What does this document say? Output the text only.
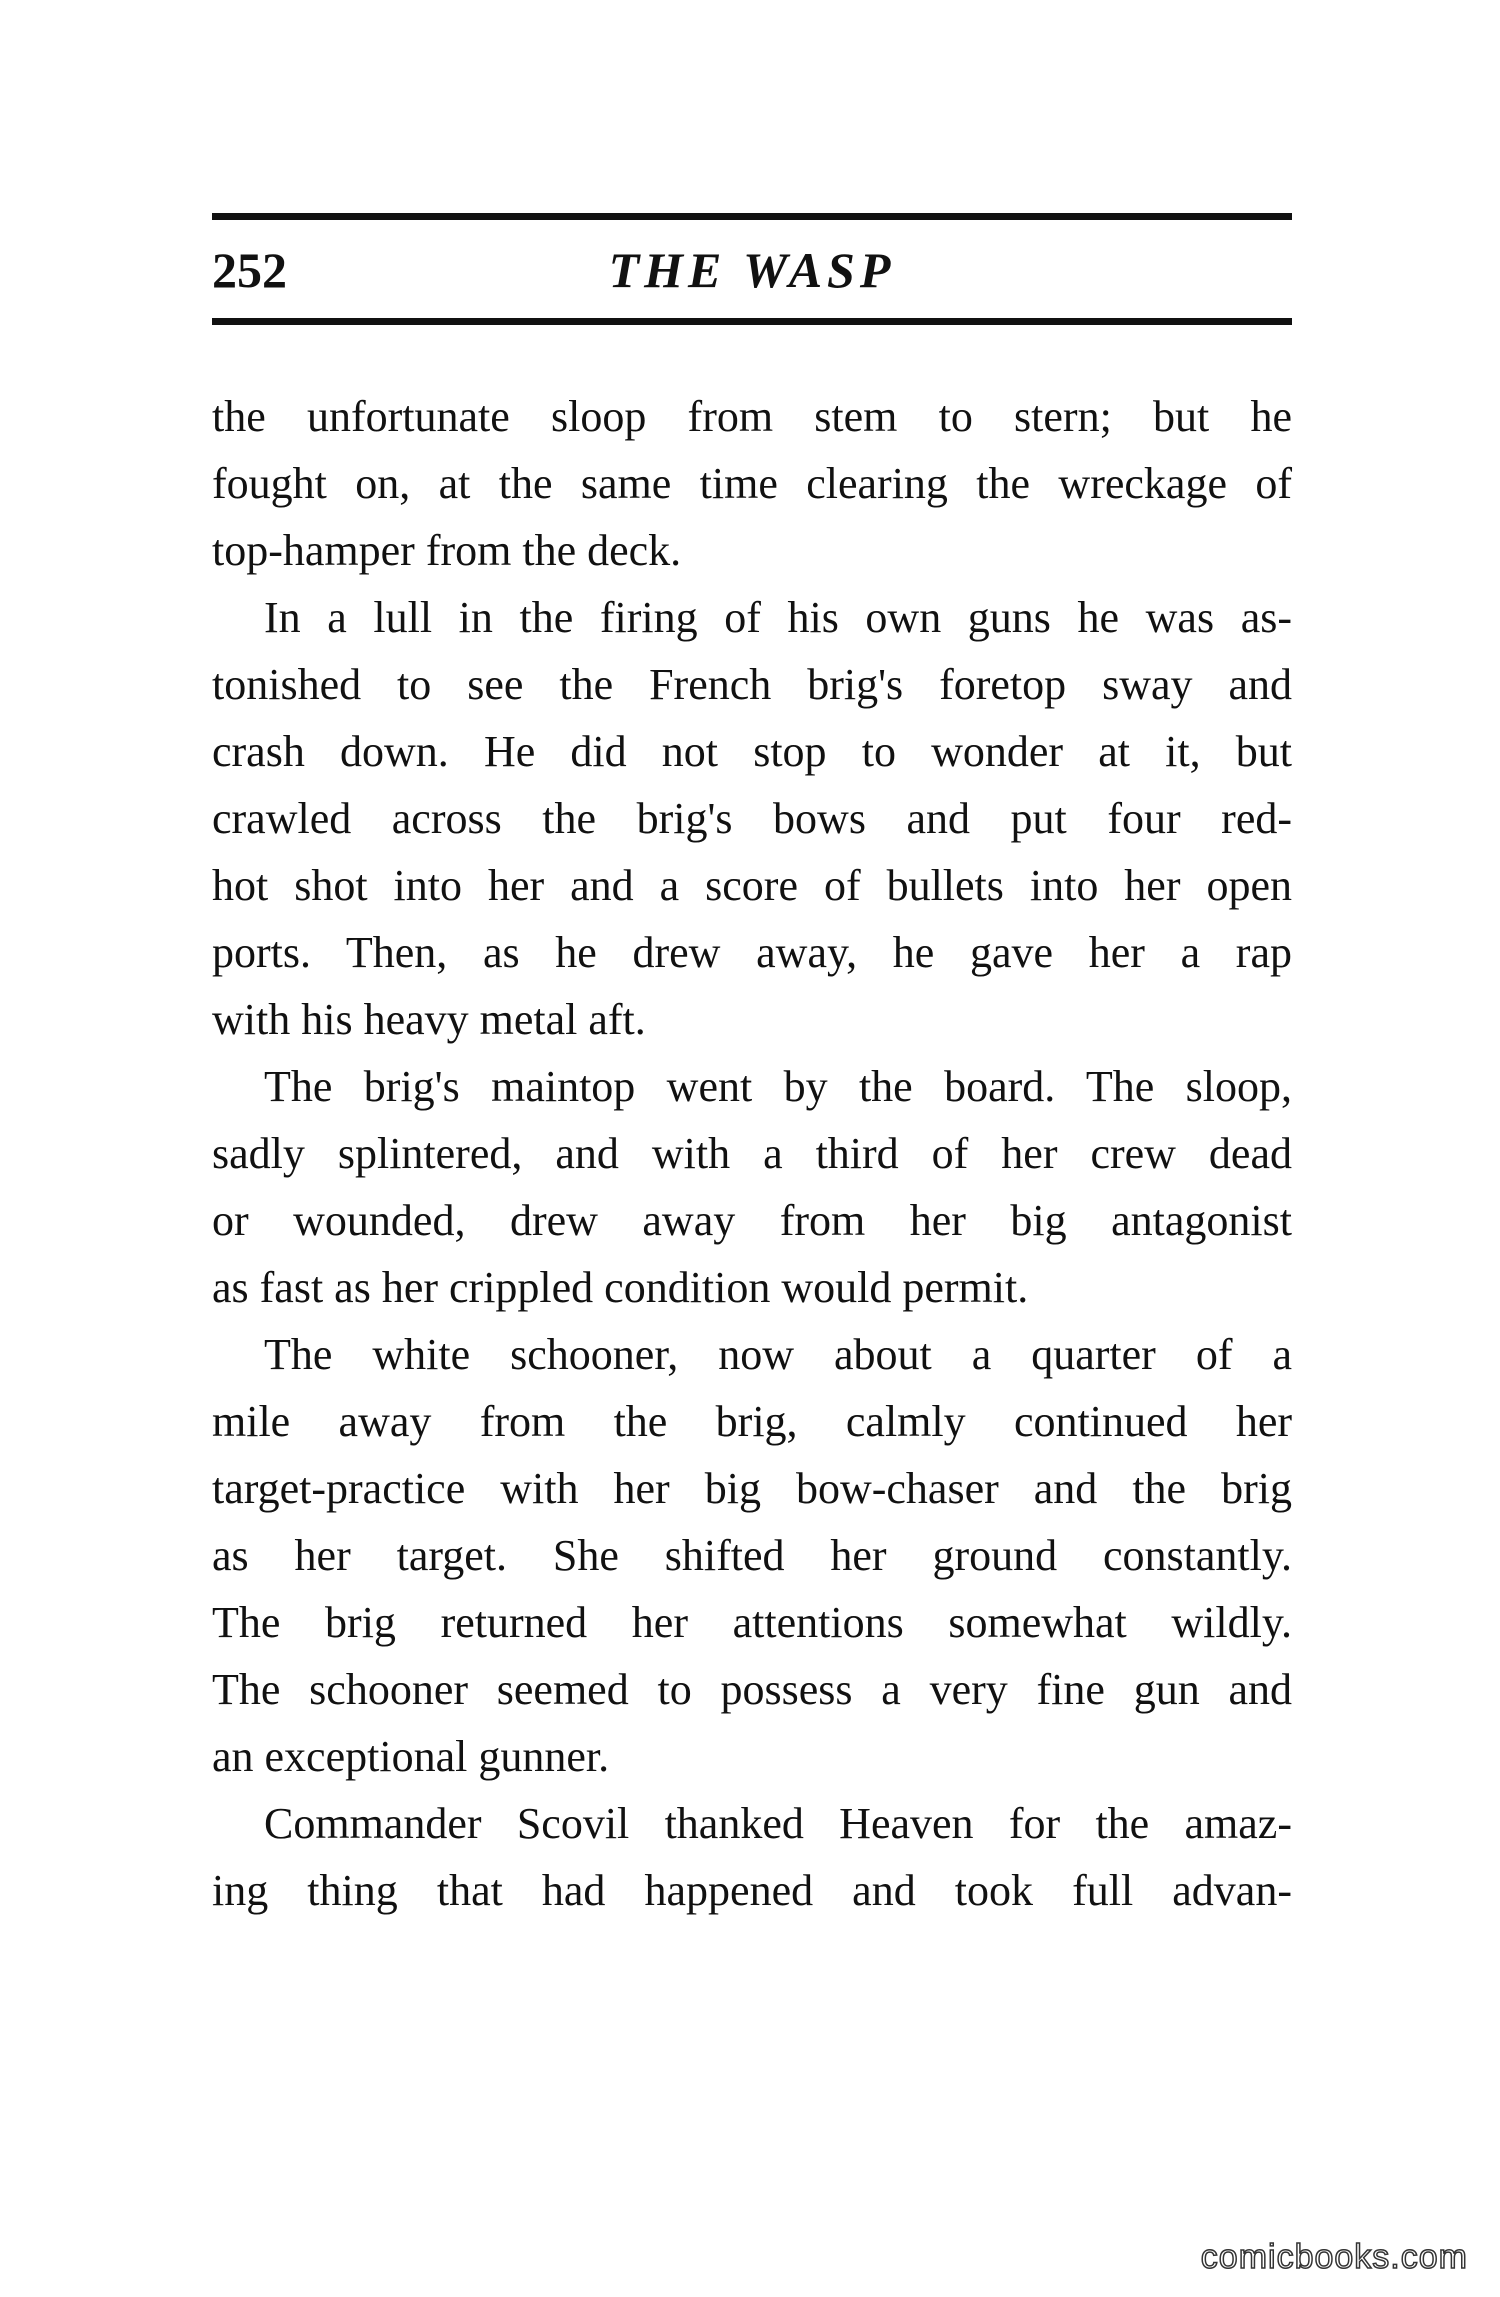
252	THE WASP
the unfortunate sloop from stem to stern; but he
fought on, at the same time clearing the wreckage of
top-hamper from the deck.
In a lull in the firing of his own guns he was as-
tonished to see the French brig's foretop sway and
crash down. He did not stop to wonder at it, but
crawled across the brig's bows and put four red-
hot shot into her and a score of bullets into her open
ports. Then, as he drew away, he gave her a rap
with his heavy metal aft.
The brig's maintop went by the board. The sloop,
sadly splintered, and with a third of her crew dead
or wounded, drew away from her big antagonist
as fast as her crippled condition would permit.
The white schooner, now about a quarter of a
mile away from the brig, calmly continued her
target-practice with her big bow-chaser and the brig
as her target. She shifted her ground constantly.
The brig returned her attentions somewhat wildly.
The schooner seemed to possess a very fine gun and
an exceptional gunner.
Commander Scovil thanked Heaven for the amaz-
ing thing that had happened and took full advan-
comicbooks.com
